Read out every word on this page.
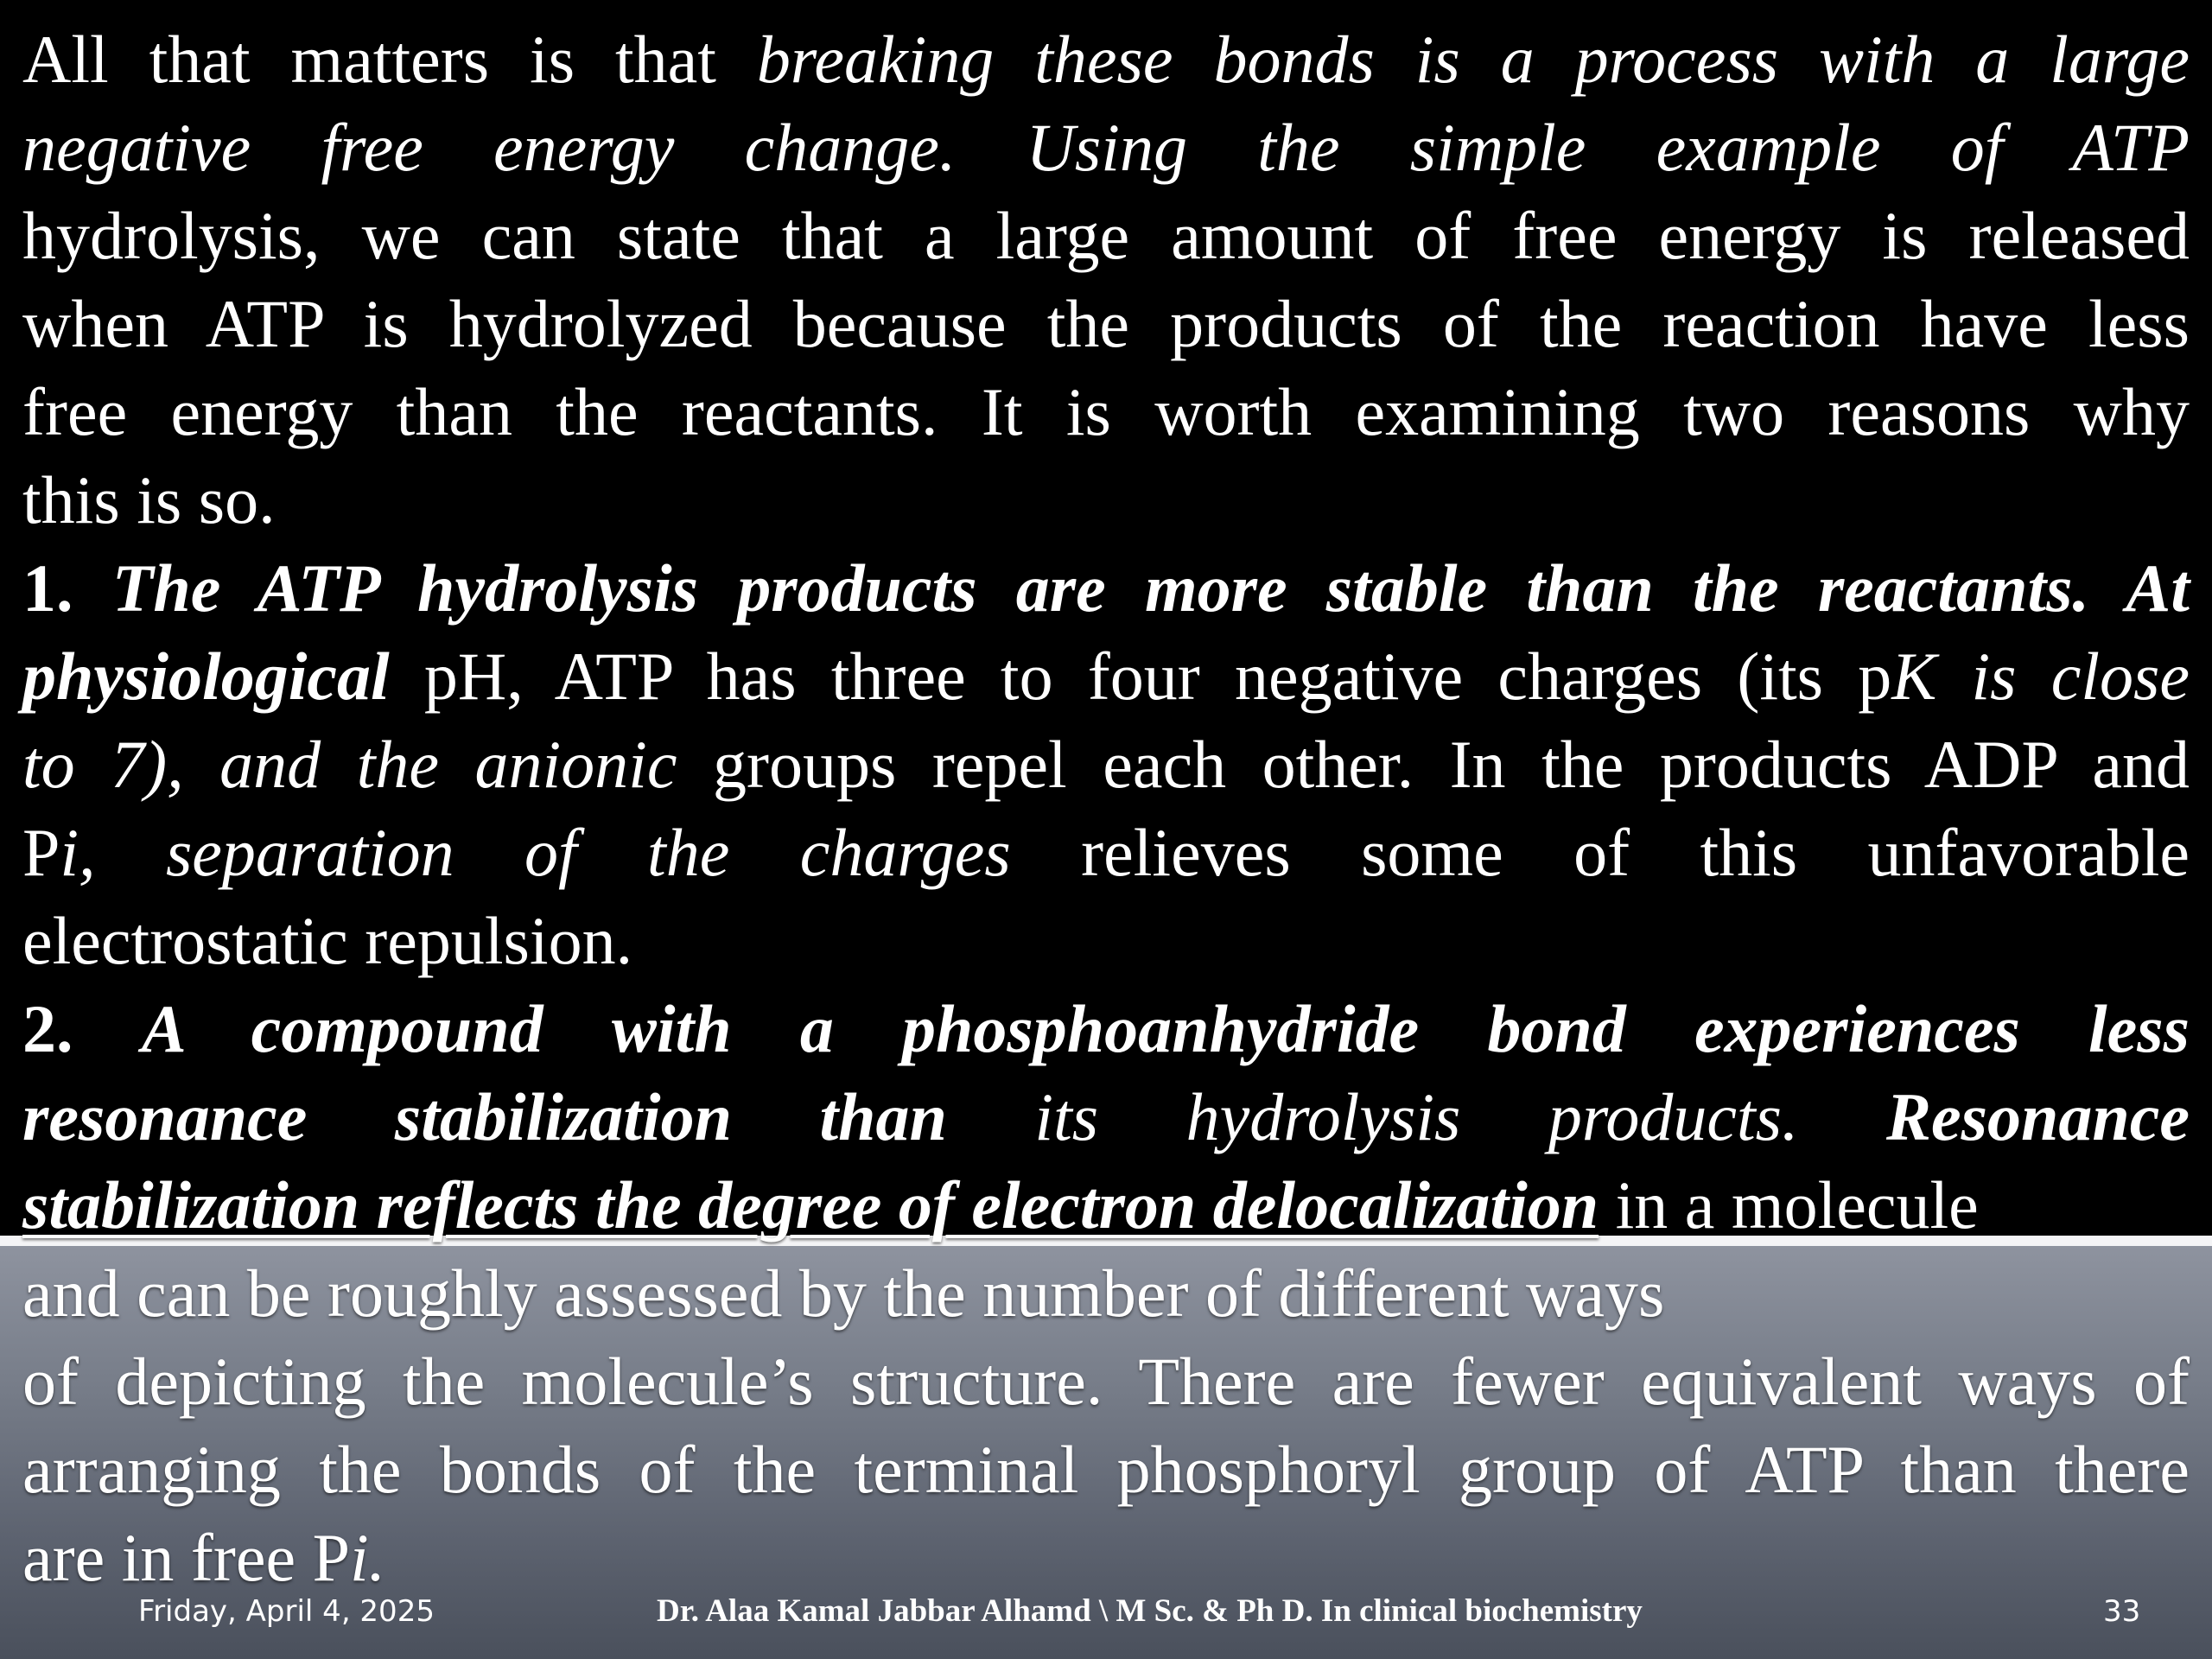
All that matters is that breaking these bonds is a process with a large
negative free energy change. Using the simple example of ATP
hydrolysis, we can state that a large amount of free energy is released
when ATP is hydrolyzed because the products of the reaction have less
free energy than the reactants. It is worth examining two reasons why
this is so.
1. The ATP hydrolysis products are more stable than the reactants. At
physiological pH, ATP has three to four negative charges (its pK is close
to 7), and the anionic groups repel each other. In the products ADP and
Pi, separation of the charges relieves some of this unfavorable
electrostatic repulsion.
2. A compound with a phosphoanhydride bond experiences less
resonance stabilization than its hydrolysis products. Resonance
stabilization reflects the degree of electron delocalization in a molecule
and can be roughly assessed by the number of different ways
of depicting the molecule’s structure. There are fewer equivalent ways of
arranging the bonds of the terminal phosphoryl group of ATP than there
are in free Pi.
Friday, April 4, 2025	Dr. Alaa Kamal Jabbar Alhamd \ M Sc. & Ph D. In clinical biochemistry	33
